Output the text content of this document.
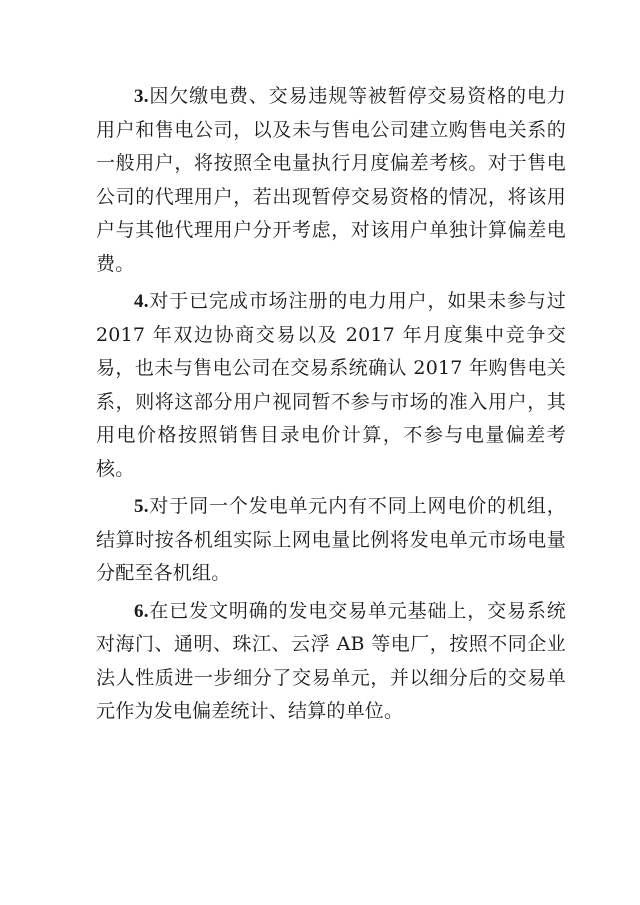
3.因欠缴电费、交易违规等被暂停交易资格的电力用户和售电公司，以及未与售电公司建立购售电关系的一般用户，将按照全电量执行月度偏差考核。对于售电公司的代理用户，若出现暂停交易资格的情况，将该用户与其他代理用户分开考虑，对该用户单独计算偏差电费。

4.对于已完成市场注册的电力用户，如果未参与过 2017 年双边协商交易以及 2017 年月度集中竞争交易，也未与售电公司在交易系统确认 2017 年购售电关系，则将这部分用户视同暂不参与市场的准入用户，其用电价格按照销售目录电价计算，不参与电量偏差考核。

5.对于同一个发电单元内有不同上网电价的机组，结算时按各机组实际上网电量比例将发电单元市场电量分配至各机组。

6.在已发文明确的发电交易单元基础上，交易系统对海门、通明、珠江、云浮 AB 等电厂，按照不同企业法人性质进一步细分了交易单元，并以细分后的交易单元作为发电偏差统计、结算的单位。
